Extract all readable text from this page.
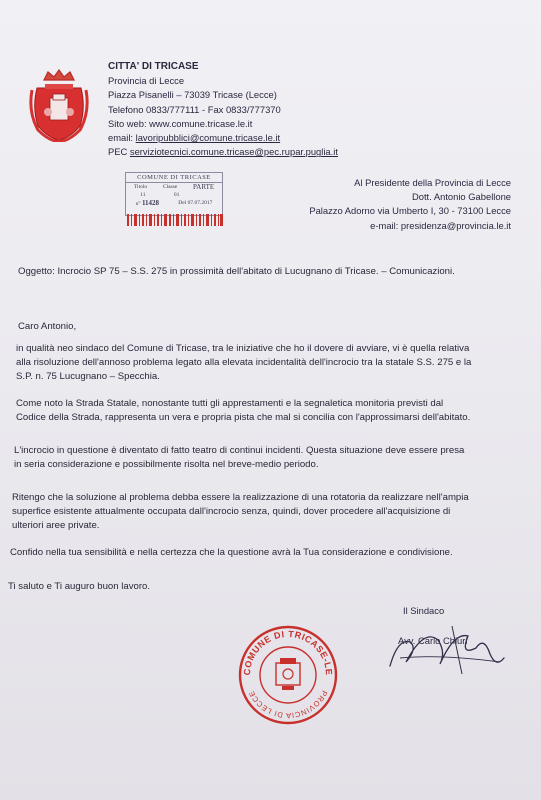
CITTA' DI TRICASE
Provincia di Lecce
Piazza Pisanelli – 73039 Tricase (Lecce)
Telefono 0833/777111 - Fax 0833/777370
Sito web: www.comune.tricase.le.it
email: lavoripubblici@comune.tricase.le.it
PEC serviziotecnici.comune.tricase@pec.rupar.puglia.it
COMUNE DI TRICASE
Titolo	Classe PARTE
11	01
n° 11428	Del 07.07.2017
Al Presidente della Provincia di Lecce
Dott. Antonio Gabellone
Palazzo Adorno via Umberto I, 30 - 73100 Lecce
e-mail: presidenza@provincia.le.it
Oggetto: Incrocio SP 75 – S.S. 275 in prossimità dell'abitato di Lucugnano di Tricase. – Comunicazioni.
Caro Antonio,
in qualità neo sindaco del Comune di Tricase, tra le iniziative che ho il dovere di avviare, vi è quella relativa
alla risoluzione dell'annoso problema legato alla elevata incidentalità dell'incrocio tra la statale S.S. 275 e la
S.P. n. 75 Lucugnano – Specchia.
Come noto la Strada Statale, nonostante tutti gli apprestamenti e la segnaletica monitoria previsti dal
Codice della Strada, rappresenta un vera e propria pista che mal si concilia con l'approssimarsi dell'abitato.
L'incrocio in questione è diventato di fatto teatro di continui incidenti. Questa situazione deve essere presa
in seria considerazione e possibilmente risolta nel breve-medio periodo.
Ritengo che la soluzione al problema debba essere la realizzazione di una rotatoria da realizzare nell'ampia
superfice esistente attualmente occupata dall'incrocio senza, quindi, dover procedere all'acquisizione di
ulteriori aree private.
Confido nella tua sensibilità e nella certezza che la questione avrà la Tua considerazione e condivisione.
Ti saluto e Ti auguro buon lavoro.
COMUNE DI TRICASE-LE
PROVINCIA DI LECCE
Il Sindaco
Avv. Carlo Chiuri
